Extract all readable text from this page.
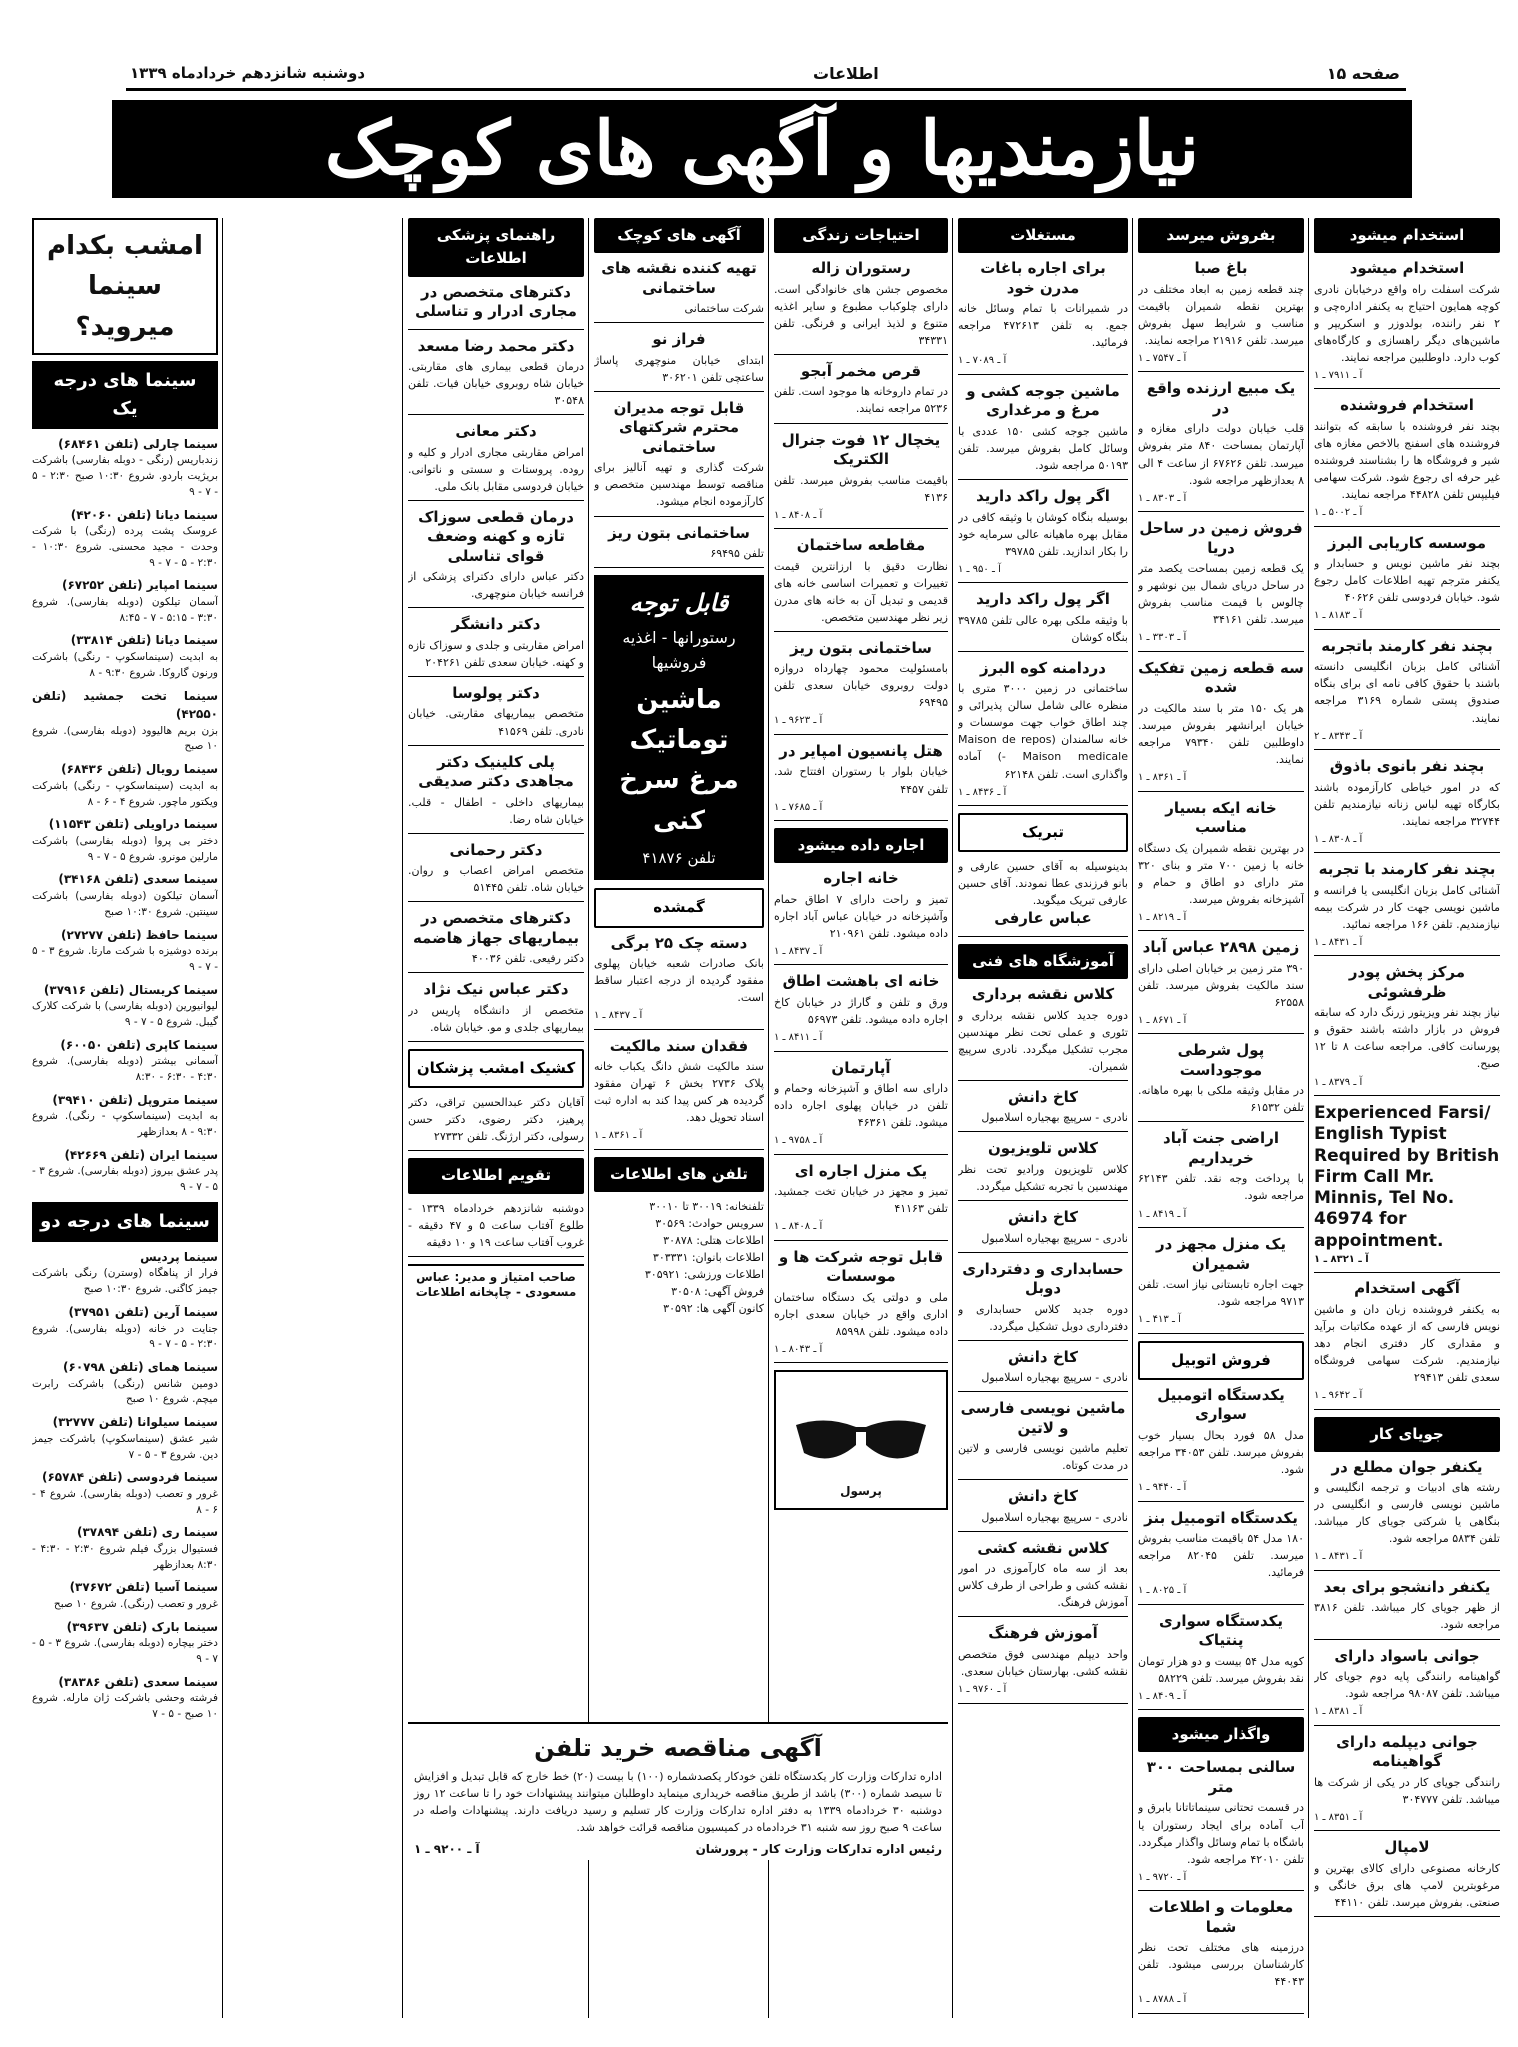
صفحه ۱۵
اطلاعات
دوشنبه شانزدهم خردادماه ۱۳۳۹
نیازمندیها و آگهی های کوچک
استخدام میشود
استخدام میشود
شرکت اسفلت راه واقع درخیابان نادری کوچه همایون احتیاج به یکنفر اداره‌چی و ۲ نفر راننده، بولدوزر و اسکریپر و ماشین‌های دیگر راهسازی و کارگاه‌های کوب دارد. داوطلبین مراجعه نمایند.
آ ـ ۷۹۱۱ ـ ۱
استخدام فروشنده
بچند نفر فروشنده با سابقه که بتوانند فروشنده های اسفنج بالاخص مغازه های شیر و فروشگاه ها را بشناسند فروشنده غیر حرفه ای رجوع شود. شرکت سهامی فیلیپس تلفن ۴۴۸۲۸ مراجعه نمایند.
آ ـ ۵۰۰۲ ـ ۱
موسسه کاریابی البرز
بچند نفر ماشین نویس و حسابدار و یکنفر مترجم تهیه اطلاعات کامل رجوع شود. خیابان فردوسی تلفن ۴۰۶۲۶
آ ـ ۸۱۸۳ ـ ۱
بچند نفر کارمند باتجربه
آشنائی کامل بزبان انگلیسی دانسته باشند با حقوق کافی نامه ای برای بنگاه صندوق پستی شماره ۳۱۶۹ مراجعه نمایند.
آ ـ ۸۳۴۳ ـ ۲
بچند نفر بانوی باذوق
که در امور خیاطی کارآزموده باشند بکارگاه تهیه لباس زنانه نیازمندیم تلفن ۳۲۷۴۴ مراجعه نمایند.
آ ـ ۸۳۰۸ ـ ۱
بچند نفر کارمند با تجربه
آشنائی کامل بزبان انگلیسی یا فرانسه و ماشین نویسی جهت کار در شرکت بیمه نیازمندیم. تلفن ۱۶۶ مراجعه نمائید.
آ ـ ۸۴۳۱ ـ ۱
مرکز پخش پودر ظرفشوئی
نیاز بچند نفر ویزیتور زرنگ دارد که سابقه فروش در بازار داشته باشند حقوق و پورسانت کافی. مراجعه ساعت ۸ تا ۱۲ صبح.
آ ـ ۸۳۷۹ ـ ۱
Experienced Farsi/ English Typist Required by British Firm Call Mr. Minnis, Tel No. 46974 for appointment.
آ ـ ۸۳۲۱ ـ ۱
آگهی استخدام
به یکنفر فروشنده زبان دان و ماشین نویس فارسی که از عهده مکاتبات برآید و مقداری کار دفتری انجام دهد نیازمندیم. شرکت سهامی فروشگاه سعدی تلفن ۲۹۴۱۳
آ ـ ۹۶۴۲ ـ ۱
جویای کار
یکنفر جوان مطلع در
رشته های ادبیات و ترجمه انگلیسی و ماشین نویسی فارسی و انگلیسی در بنگاهی یا شرکتی جویای کار میباشد. تلفن ۵۸۳۴ مراجعه شود.
آ ـ ۸۴۳۱ ـ ۱
یکنفر دانشجو برای بعد
از ظهر جویای کار میباشد. تلفن ۳۸۱۶ مراجعه شود.
جوانی باسواد دارای
گواهینامه رانندگی پایه دوم جویای کار میباشد. تلفن ۹۸۰۸۷ مراجعه شود.
آ ـ ۸۳۸۱ ـ ۱
جوانی دیپلمه دارای گواهینامه
رانندگی جویای کار در یکی از شرکت ها میباشد. تلفن ۳۰۴۷۷۷
آ ـ ۸۳۵۱ ـ ۱
لامپال
کارخانه مصنوعی دارای کالای بهترین و مرغوبترین لامپ های برق خانگی و صنعتی. بفروش میرسد. تلفن ۴۴۱۱۰
بفروش میرسد
باغ صبا
چند قطعه زمین به ابعاد مختلف در بهترین نقطه شمیران باقیمت مناسب و شرایط سهل بفروش میرسد. تلفن ۲۱۹۱۶ مراجعه نمایند.
آ ـ ۷۵۴۷ ـ ۱
یک مبیع ارزنده واقع در
قلب خیابان دولت دارای مغازه و آپارتمان بمساحت ۸۴۰ متر بفروش میرسد. تلفن ۶۷۶۲۶ از ساعت ۴ الی ۸ بعدازظهر مراجعه شود.
آ ـ ۸۳۰۳ ـ ۱
فروش زمین در ساحل دریا
یک قطعه زمین بمساحت یکصد متر در ساحل دریای شمال بین نوشهر و چالوس با قیمت مناسب بفروش میرسد. تلفن ۳۴۱۶۱
آ ـ ۳۳۰۳ ـ ۱
سه قطعه زمین تفکیک شده
هر یک ۱۵۰ متر با سند مالکیت در خیابان ایرانشهر بفروش میرسد. داوطلبین تلفن ۷۹۳۴۰ مراجعه نمایند.
آ ـ ۸۳۶۱ ـ ۱
خانه ایکه بسیار مناسب
در بهترین نقطه شمیران یک دستگاه خانه با زمین ۷۰۰ متر و بنای ۳۲۰ متر دارای دو اطاق و حمام و آشپزخانه بفروش میرسد.
آ ـ ۸۲۱۹ ـ ۱
زمین ۲۸۹۸ عباس آباد
۳۹۰ متر زمین بر خیابان اصلی دارای سند مالکیت بفروش میرسد. تلفن ۶۲۵۵۸
آ ـ ۸۶۷۱ ـ ۱
پول شرطی موجوداست
در مقابل وثیقه ملکی با بهره ماهانه. تلفن ۶۱۵۳۲
اراضی جنت آباد خریداریم
با پرداخت وجه نقد. تلفن ۶۲۱۴۳ مراجعه شود.
آ ـ ۸۴۱۹ ـ ۱
یک منزل مجهز در شمیران
جهت اجاره تابستانی نیاز است. تلفن ۹۷۱۳ مراجعه شود.
آ ـ ۴۱۳ ـ ۱
فروش اتوبیل
یکدستگاه اتومبیل سواری
مدل ۵۸ فورد بحال بسیار خوب بفروش میرسد. تلفن ۳۴۰۵۳ مراجعه شود.
آ ـ ۹۴۴۰ ـ ۱
یکدستگاه اتومبیل بنز
۱۸۰ مدل ۵۴ باقیمت مناسب بفروش میرسد. تلفن ۸۲۰۴۵ مراجعه فرمائید.
آ ـ ۸۰۲۵ ـ ۱
یکدستگاه سواری پنتیاک
کوپه مدل ۵۴ بیست و دو هزار تومان نقد بفروش میرسد. تلفن ۵۸۲۲۹
آ ـ ۸۴۰۹ ـ ۱
واگذار میشود
سالنی بمساحت ۳۰۰ متر
در قسمت تحتانی سینماتاتانا بابرق و آب آماده برای ایجاد رستوران یا باشگاه با تمام وسائل واگذار میگردد. تلفن ۴۲۰۱۰ مراجعه شود.
آ ـ ۹۷۲۰ ـ ۱
معلومات و اطلاعات شما
درزمینه های مختلف تحت نظر کارشناسان بررسی میشود. تلفن ۴۴۰۴۳
آ ـ ۸۷۸۸ ـ ۱
مستغلات
برای اجاره باغات مدرن خود
در شمیرانات با تمام وسائل خانه جمع. به تلفن ۴۷۲۶۱۳ مراجعه فرمائید.
آ ـ ۷۰۸۹ ـ ۱
ماشین جوجه کشی و مرغ و مرغداری
ماشین جوجه کشی ۱۵۰ عددی با وسائل کامل بفروش میرسد. تلفن ۵۰۱۹۳ مراجعه شود.
اگر پول راکد دارید
بوسیله بنگاه کوشان با وثیقه کافی در مقابل بهره ماهیانه عالی سرمایه خود را بکار اندازید. تلفن ۳۹۷۸۵
آ ـ ۹۵۰ ـ ۱
اگر پول راکد دارید
با وثیقه ملکی بهره عالی تلفن ۳۹۷۸۵ بنگاه کوشان
دردامنه کوه البرز
ساختمانی در زمین ۳۰۰۰ متری با منظره عالی شامل سالن پذیرائی و چند اطاق خواب جهت موسسات و خانه سالمندان (Maison de repos - Maison medicale) آماده واگذاری است. تلفن ۶۲۱۴۸
آ ـ ۸۴۳۶ ـ ۱
تبریک
بدینوسیله به آقای حسین عارفی و بانو فرزندی عطا نمودند. آقای حسین عارفی تبریک میگوید.
عباس عارفی
آموزشگاه های فنی
کلاس نقشه برداری
دوره جدید کلاس نقشه برداری و تئوری و عملی تحت نظر مهندسین مجرب تشکیل میگردد. نادری سرپیچ شمیران.
کاخ دانش
نادری - سرپیچ بهجیاره اسلامبول
کلاس تلویزیون
کلاس تلویزیون ورادیو تحت نظر مهندسین با تجربه تشکیل میگردد.
کاخ دانش
نادری - سرپیچ بهجیاره اسلامبول
حسابداری و دفترداری دوبل
دوره جدید کلاس حسابداری و دفترداری دوبل تشکیل میگردد.
کاخ دانش
نادری - سرپیچ بهجیاره اسلامبول
ماشین نویسی فارسی و لاتین
تعلیم ماشین نویسی فارسی و لاتین در مدت کوتاه.
کاخ دانش
نادری - سرپیچ بهجیاره اسلامبول
کلاس نقشه کشی
بعد از سه ماه کارآموزی در امور نقشه کشی و طراحی از طرف کلاس آموزش فرهنگ.
آموزش فرهنگ
واحد دیپلم مهندسی فوق متخصص نقشه کشی. بهارستان خیابان سعدی.
آ ـ ۹۷۶۰ ـ ۱
احتیاجات زندگی
رستوران زاله
مخصوص جشن های خانوادگی است. دارای چلوکباب مطبوع و سایر اغذیه متنوع و لذیذ ایرانی و فرنگی. تلفن ۳۴۳۳۱
قرص مخمر آبجو
در تمام داروخانه ها موجود است. تلفن ۵۲۳۶ مراجعه نمایند.
یخچال ۱۲ فوت جنرال الکتریک
باقیمت مناسب بفروش میرسد. تلفن ۴۱۳۶
آ ـ ۸۴۰۸ ـ ۱
مقاطعه ساختمان
نظارت دقیق با ارزانترین قیمت تغییرات و تعمیرات اساسی خانه های قدیمی و تبدیل آن به خانه های مدرن زیر نظر مهندسین متخصص.
ساختمانی بتون ریز
بامسئولیت محمود چهارداه دروازه دولت روبروی خیابان سعدی تلفن ۶۹۴۹۵
آ ـ ۹۶۲۳ ـ ۱
هتل پانسیون امپایر در
خیابان بلوار با رستوران افتتاح شد. تلفن ۴۴۵۷
آ ـ ۷۶۸۵ ـ ۱
اجاره داده میشود
خانه اجاره
تمیز و راحت دارای ۷ اطاق حمام وآشپزخانه در خیابان عباس آباد اجاره داده میشود. تلفن ۲۱۰۹۶۱
آ ـ ۸۴۳۷ ـ ۱
خانه ای باهشت اطاق
ورق و تلفن و گاراژ در خیابان کاخ اجاره داده میشود. تلفن ۵۶۹۷۳
آ ـ ۸۴۱۱ ـ ۱
آپارتمان
دارای سه اطاق و آشپزخانه وحمام و تلفن در خیابان پهلوی اجاره داده میشود. تلفن ۴۶۳۶۱
آ ـ ۹۷۵۸ ـ ۱
یک منزل اجاره ای
تمیز و مجهز در خیابان تخت جمشید. تلفن ۴۱۱۶۳
آ ـ ۸۴۰۸ ـ ۱
قابل توجه شرکت ها و موسسات
ملی و دولتی یک دستگاه ساختمان اداری واقع در خیابان سعدی اجاره داده میشود. تلفن ۸۵۹۹۸
آ ـ ۸۰۴۳ ـ ۱
پرسول
آگهی های کوچک
تهیه کننده نقشه های ساختمانی
شرکت ساختمانی
فراز نو
ابتدای خیابان منوچهری پاساژ ساعتچی تلفن ۳۰۶۲۰۱
قابل توجه مدیران محترم شرکتهای ساختمانی
شرکت گذاری و تهیه آنالیز برای مناقصه توسط مهندسین متخصص و کارآزموده انجام میشود.
ساختمانی بتون ریز
تلفن ۶۹۴۹۵
قابل توجه
رستورانها - اغذیه فروشیها
ماشین توماتیک مرغ سرخ کنی
تلفن ۴۱۸۷۶
گمشده
دسته چک ۲۵ برگی
بانک صادرات شعبه خیابان پهلوی مفقود گردیده از درجه اعتبار ساقط است.
آ ـ ۸۴۳۷ ـ ۱
فقدان سند مالکیت
سند مالکیت شش دانگ یکباب خانه پلاک ۲۷۳۶ بخش ۶ تهران مفقود گردیده هر کس پیدا کند به اداره ثبت اسناد تحویل دهد.
آ ـ ۸۳۶۱ ـ ۱
تلفن های اطلاعات
تلفنخانه: ۳۰۰۱۹ تا ۳۰۰۱۰
سرویس حوادث: ۳۰۵۶۹
اطلاعات هتلی: ۳۰۸۷۸
اطلاعات بانوان: ۳۰۳۳۳۱
اطلاعات ورزشی: ۳۰۵۹۲۱
فروش آگهی: ۳۰۵۰۸
کانون آگهی ها: ۳۰۵۹۲
راهنمای پزشکی اطلاعات
دکترهای متخصص در مجاری ادرار و تناسلی
دکتر محمد رضا مسعد
درمان قطعی بیماری های مقاربتی. خیابان شاه روبروی خیابان فیات. تلفن ۳۰۵۴۸
دکتر معانی
امراض مقاربتی مجاری ادرار و کلیه و روده. پروستات و سستی و ناتوانی. خیابان فردوسی مقابل بانک ملی.
درمان قطعی سوزاک تازه و کهنه وضعف قوای تناسلی
دکتر عباس دارای دکترای پزشکی از فرانسه خیابان منوچهری.
دکتر دانشگر
امراض مقاربتی و جلدی و سوزاک تازه و کهنه. خیابان سعدی تلفن ۲۰۴۲۶۱
دکتر پولوسا
متخصص بیماریهای مقاربتی. خیابان نادری. تلفن ۴۱۵۶۹
پلی کلینیک دکتر مجاهدی دکتر صدیقی
بیماریهای داخلی - اطفال - قلب. خیابان شاه رضا.
دکتر رحمانی
متخصص امراض اعصاب و روان. خیابان شاه. تلفن ۵۱۴۴۵
دکترهای متخصص در بیماریهای جهاز هاضمه
دکتر رفیعی. تلفن ۴۰۰۳۶
دکتر عباس نیک نژاد
متخصص از دانشگاه پاریس در بیماریهای جلدی و مو. خیابان شاه.
کشیک امشب پزشکان
آقایان دکتر عبدالحسین تراقی، دکتر پرهیز، دکتر رضوی، دکتر حسن رسولی، دکتر ارژنگ. تلفن ۲۷۳۳۲
تقویم اطلاعات
دوشنبه شانزدهم خردادماه ۱۳۳۹ - طلوع آفتاب ساعت ۵ و ۴۷ دقیقه - غروب آفتاب ساعت ۱۹ و ۱۰ دقیقه
صاحب امتیاز و مدیر: عباس مسعودی - چاپخانه اطلاعات
امشب بکدام سینما میروید؟
سینما های درجه یک
سینما چارلی (تلفن ۶۸۴۶۱)
زندباریس (رنگی - دوبله بفارسی) باشرکت بریژیت باردو. شروع ۱۰:۳۰ صبح ۲:۳۰ - ۵ - ۷ - ۹
سینما دیانا (تلفن ۴۲۰۶۰)
عروسک پشت پرده (رنگی) با شرکت وحدت - مجید محسنی. شروع ۱۰:۳۰ - ۲:۳۰ - ۵ - ۷ - ۹
سینما امپایر (تلفن ۶۷۲۵۲)
آسمان تیلکون (دوبله بفارسی). شروع ۳:۳۰ - ۵:۱۵ - ۷ - ۸:۴۵
سینما دیانا (تلفن ۳۳۸۱۴)
به ابدیت (سینماسکوپ - رنگی) باشرکت ورنون گاروکا. شروع ۹:۳۰ - ۸
سینما تخت جمشید (تلفن ۴۲۵۵۰)
بزن بریم هالیوود (دوبله بفارسی). شروع ۱۰ صبح
سینما رویال (تلفن ۶۸۴۳۶)
به ابدیت (سینماسکوپ - رنگی) باشرکت ویکتور ماچور. شروع ۴ - ۶ - ۸
سینما دراویلی (تلفن ۱۱۵۴۳)
دختر بی پروا (دوبله بفارسی) باشرکت مارلین مونرو. شروع ۵ - ۷ - ۹
سینما سعدی (تلفن ۳۴۱۶۸)
آسمان تیلکون (دوبله بفارسی) باشرکت سینتین. شروع ۱۰:۳۰ صبح
سینما حافظ (تلفن ۲۷۲۷۷)
برنده دوشیزه با شرکت مارتا. شروع ۳ - ۵ - ۷ - ۹
سینما کریستال (تلفن ۳۷۹۱۶)
لیوانیورین (دوبله بفارسی) با شرکت کلارک گیبل. شروع ۵ - ۷ - ۹
سینما کاپری (تلفن ۶۰۰۵۰)
آسمانی بیشتر (دوبله بفارسی). شروع ۴:۳۰ - ۶:۳۰ - ۸:۳۰
سینما متروپل (تلفن ۳۹۴۱۰)
به ابدیت (سینماسکوپ - رنگی). شروع ۹:۳۰ - ۸ بعدازظهر
سینما ایران (تلفن ۴۲۶۶۹)
پدر عشق بیروز (دوبله بفارسی). شروع ۳ - ۵ - ۷ - ۹
سینما های درجه دو
سینما پردیس
فرار از پناهگاه (وسترن) رنگی باشرکت جیمز کاگنی. شروع ۱۰:۳۰ صبح
سینما آرین (تلفن ۳۷۹۵۱)
جنایت در خانه (دوبله بفارسی). شروع ۲:۳۰ - ۵ - ۷ - ۹
سینما همای (تلفن ۶۰۷۹۸)
دومین شانس (رنگی) باشرکت رابرت میچم. شروع ۱۰ صبح
سینما سیلوانا (تلفن ۳۲۷۷۷)
شیر عشق (سینماسکوپ) باشرکت جیمز دین. شروع ۳ - ۵ - ۷
سینما فردوسی (تلفن ۶۵۷۸۴)
غرور و تعصب (دوبله بفارسی). شروع ۴ - ۶ - ۸
سینما ری (تلفن ۳۷۸۹۴)
فستیوال بزرگ فیلم شروع ۲:۳۰ - ۴:۳۰ - ۸:۳۰ بعدازظهر
سینما آسیا (تلفن ۳۷۶۷۲)
غرور و تعصب (رنگی). شروع ۱۰ صبح
سینما بارک (تلفن ۳۹۶۳۷)
دختر بیچاره (دوبله بفارسی). شروع ۳ - ۵ - ۷ - ۹
سینما سعدی (تلفن ۳۸۳۸۶)
فرشته وحشی باشرکت ژان مارله. شروع ۱۰ صبح - ۵ - ۷
آگهی مناقصه خرید تلفن
اداره تدارکات وزارت کار یکدستگاه تلفن خودکار یکصدشماره (۱۰۰) با بیست (۲۰) خط خارج که قابل تبدیل و افزایش تا سیصد شماره (۳۰۰) باشد از طریق مناقصه خریداری مینماید داوطلبان میتوانند پیشنهادات خود را تا ساعت ۱۲ روز دوشنبه ۳۰ خردادماه ۱۳۳۹ به دفتر اداره تدارکات وزارت کار تسلیم و رسید دریافت دارند. پیشنهادات واصله در ساعت ۹ صبح روز سه شنبه ۳۱ خردادماه در کمیسیون مناقصه قرائت خواهد شد.
رئیس اداره تدارکات وزارت کار - پرورشان
آ ـ ۹۲۰۰ ـ ۱
